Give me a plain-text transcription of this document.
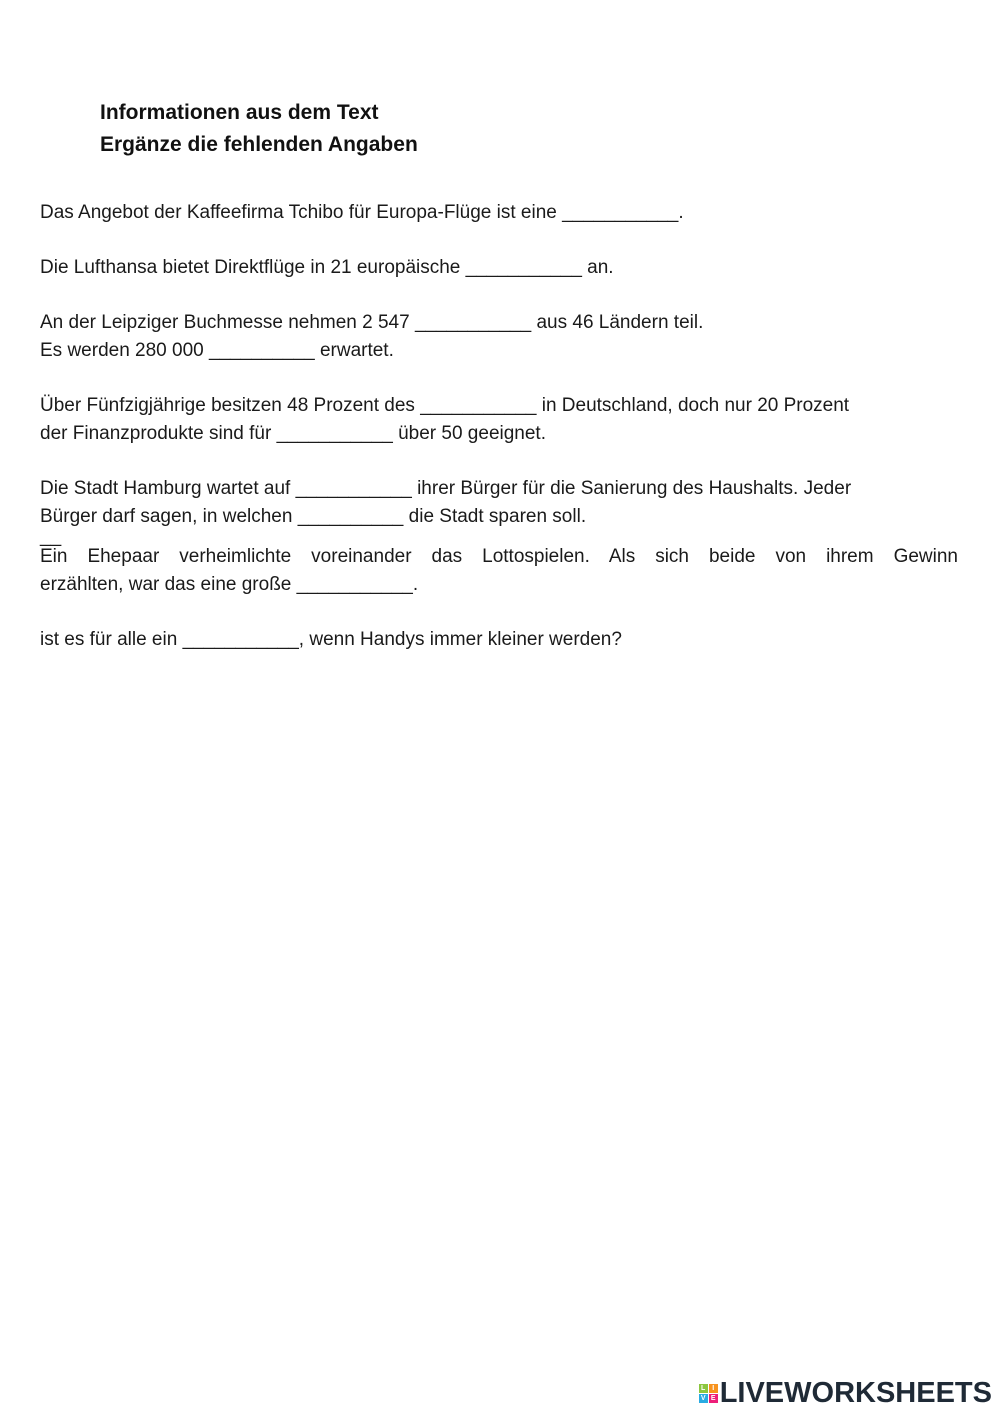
Informationen aus dem Text
Ergänze die fehlenden Angaben

Das Angebot der Kaffeefirma Tchibo für Europa-Flüge ist eine ___________.

Die Lufthansa bietet Direktflüge in 21 europäische ___________ an.

An der Leipziger Buchmesse nehmen 2 547 ___________ aus 46 Ländern teil.
Es werden 280 000 __________ erwartet.

Über Fünfzigjährige besitzen 48 Prozent des ___________ in Deutschland, doch nur 20 Prozent
der Finanzprodukte sind für ___________ über 50 geeignet.

Die Stadt Hamburg wartet auf ___________ ihrer Bürger für die Sanierung des Haushalts. Jeder
Bürger darf sagen, in welchen __________ die Stadt sparen soll.

__

Ein Ehepaar verheimlichte voreinander das Lottospielen. Als sich beide von ihrem Gewinn
erzählten, war das eine große ___________.

ist es für alle ein ___________, wenn Handys immer kleiner werden?

L I
V E LIVEWORKSHEETS
